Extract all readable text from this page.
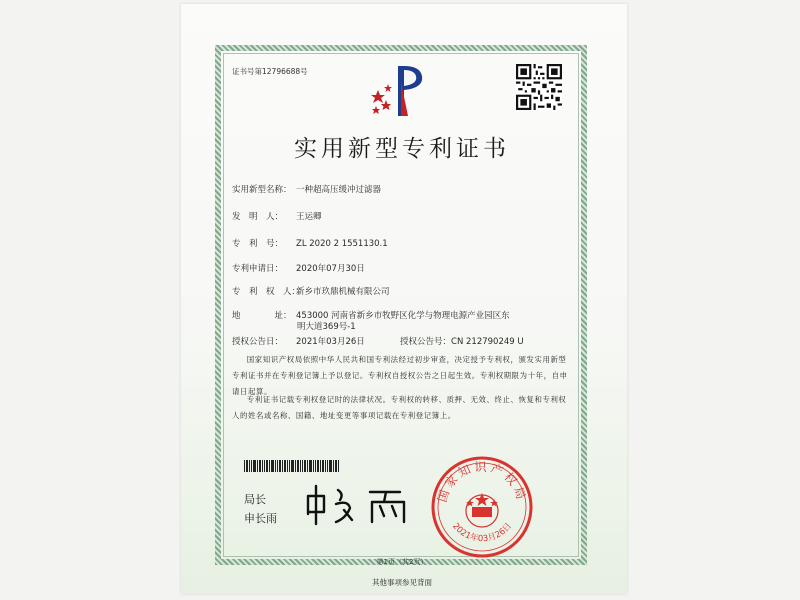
证书号第12796688号
实用新型专利证书
实用新型名称： 一种超高压缓冲过滤器
发　明　人： 王运卿
专　利　号： ZL 2020 2 1551130.1
专利申请日： 2020年07月30日
专　利　权　人：新乡市玖鼎机械有限公司
地　　　　址： 453000 河南省新乡市牧野区化学与物理电源产业园区东
明大道369号-1
授权公告日： 2021年03月26日	授权公告号：CN 212790249 U
国家知识产权局依照中华人民共和国专利法经过初步审查，决定授予专利权，颁发实用新型专利证书并在专利登记簿上予以登记。专利权自授权公告之日起生效。专利权期限为十年，自申请日起算。
专利证书记载专利权登记时的法律状况。专利权的转移、质押、无效、终止、恢复和专利权人的姓名或名称、国籍、地址变更等事项记载在专利登记簿上。
局长
申长雨
国家知识产权局
2021年03月26日
第1页（共2页）
其他事项参见背面
